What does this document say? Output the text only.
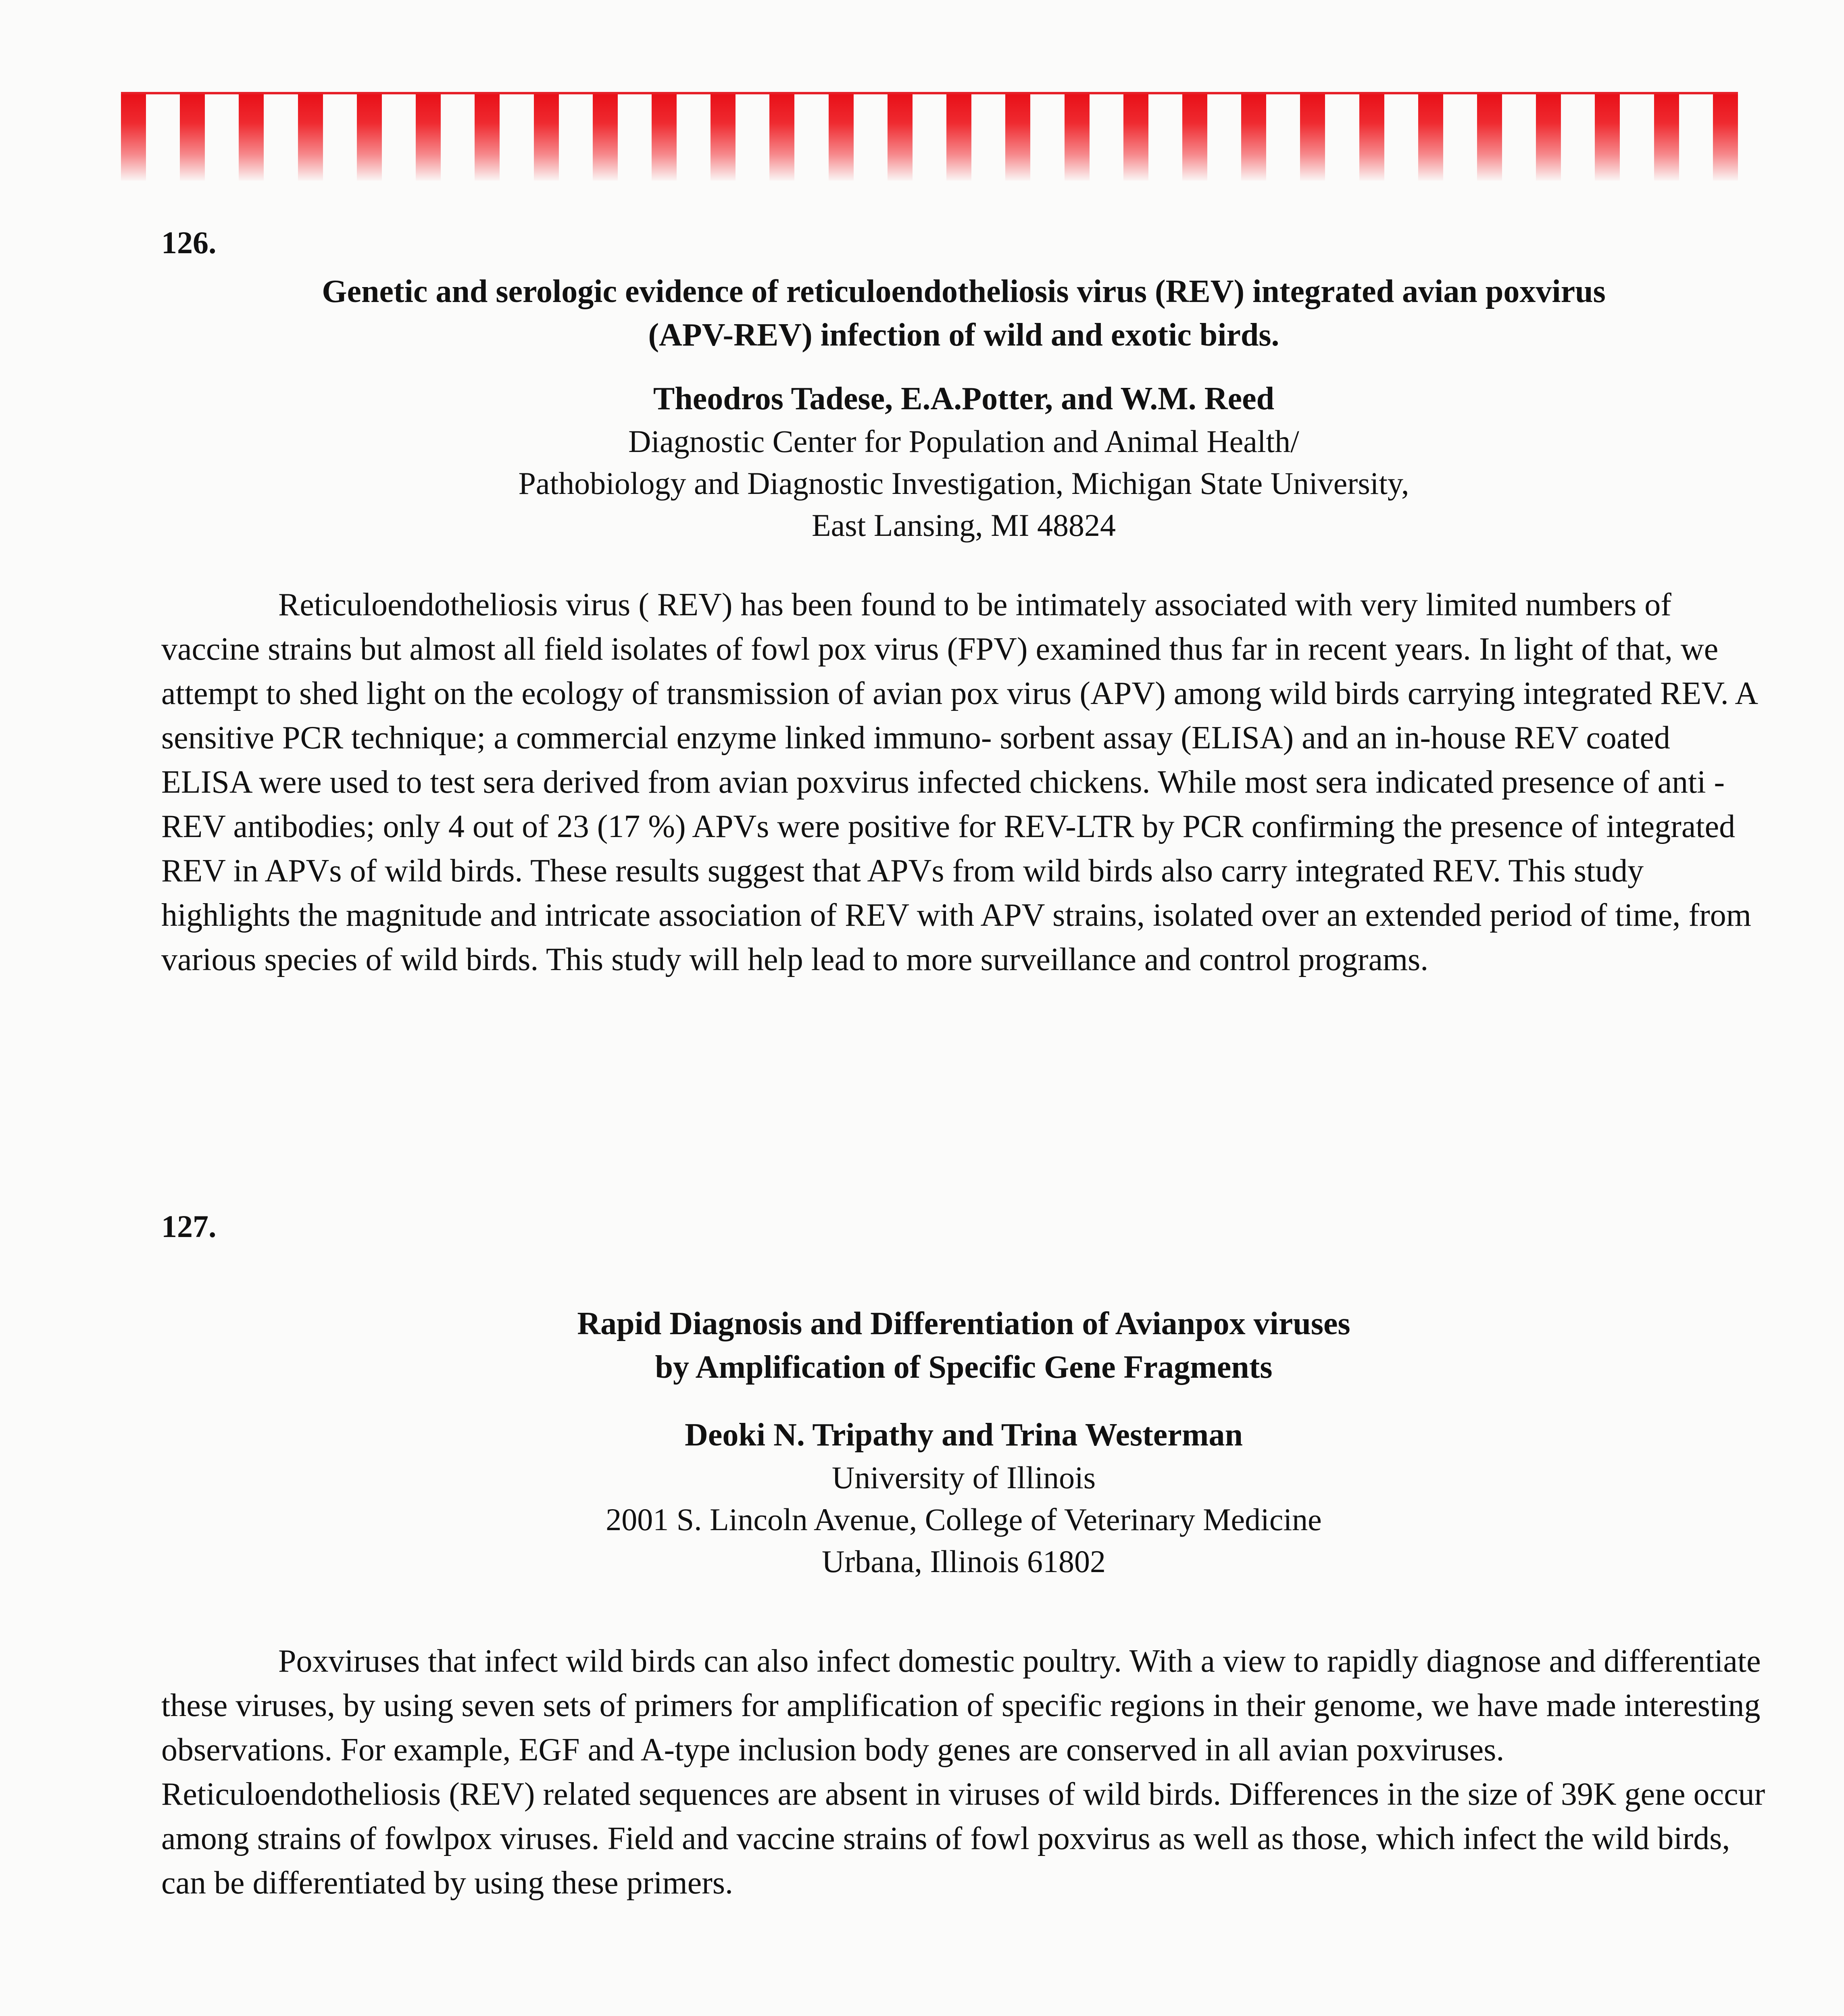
126.

Genetic and serologic evidence of reticuloendotheliosis virus (REV) integrated avian poxvirus
(APV-REV) infection of wild and exotic birds.
Theodros Tadese, E.A.Potter, and W.M. Reed
Diagnostic Center for Population and Animal Health/
Pathobiology and Diagnostic Investigation, Michigan State University,
East Lansing, MI 48824

Reticuloendotheliosis virus ( REV) has been found to be intimately associated with very limited numbers of vaccine strains but almost all field isolates of fowl pox virus (FPV) examined thus far in recent years. In light of that, we attempt to shed light on the ecology of transmission of avian pox virus (APV) among wild birds carrying integrated REV. A sensitive PCR technique; a commercial enzyme linked immuno- sorbent assay (ELISA) and an in-house REV coated ELISA were used to test sera derived from avian poxvirus infected chickens. While most sera indicated presence of anti -REV antibodies; only 4 out of 23 (17 %) APVs were positive for REV-LTR by PCR confirming the presence of integrated REV in APVs of wild birds. These results suggest that APVs from wild birds also carry integrated REV. This study highlights the magnitude and intricate association of REV with APV strains, isolated over an extended period of time, from various species of wild birds. This study will help lead to more surveillance and control programs.

127.

Rapid Diagnosis and Differentiation of Avianpox viruses
by Amplification of Specific Gene Fragments
Deoki N. Tripathy and Trina Westerman
University of Illinois
2001 S. Lincoln Avenue, College of Veterinary Medicine
Urbana, Illinois 61802

Poxviruses that infect wild birds can also infect domestic poultry. With a view to rapidly diagnose and differentiate these viruses, by using seven sets of primers for amplification of specific regions in their genome, we have made interesting observations. For example, EGF and A-type inclusion body genes are conserved in all avian poxviruses. Reticuloendotheliosis (REV) related sequences are absent in viruses of wild birds. Differences in the size of 39K gene occur among strains of fowlpox viruses. Field and vaccine strains of fowl poxvirus as well as those, which infect the wild birds, can be differentiated by using these primers.
